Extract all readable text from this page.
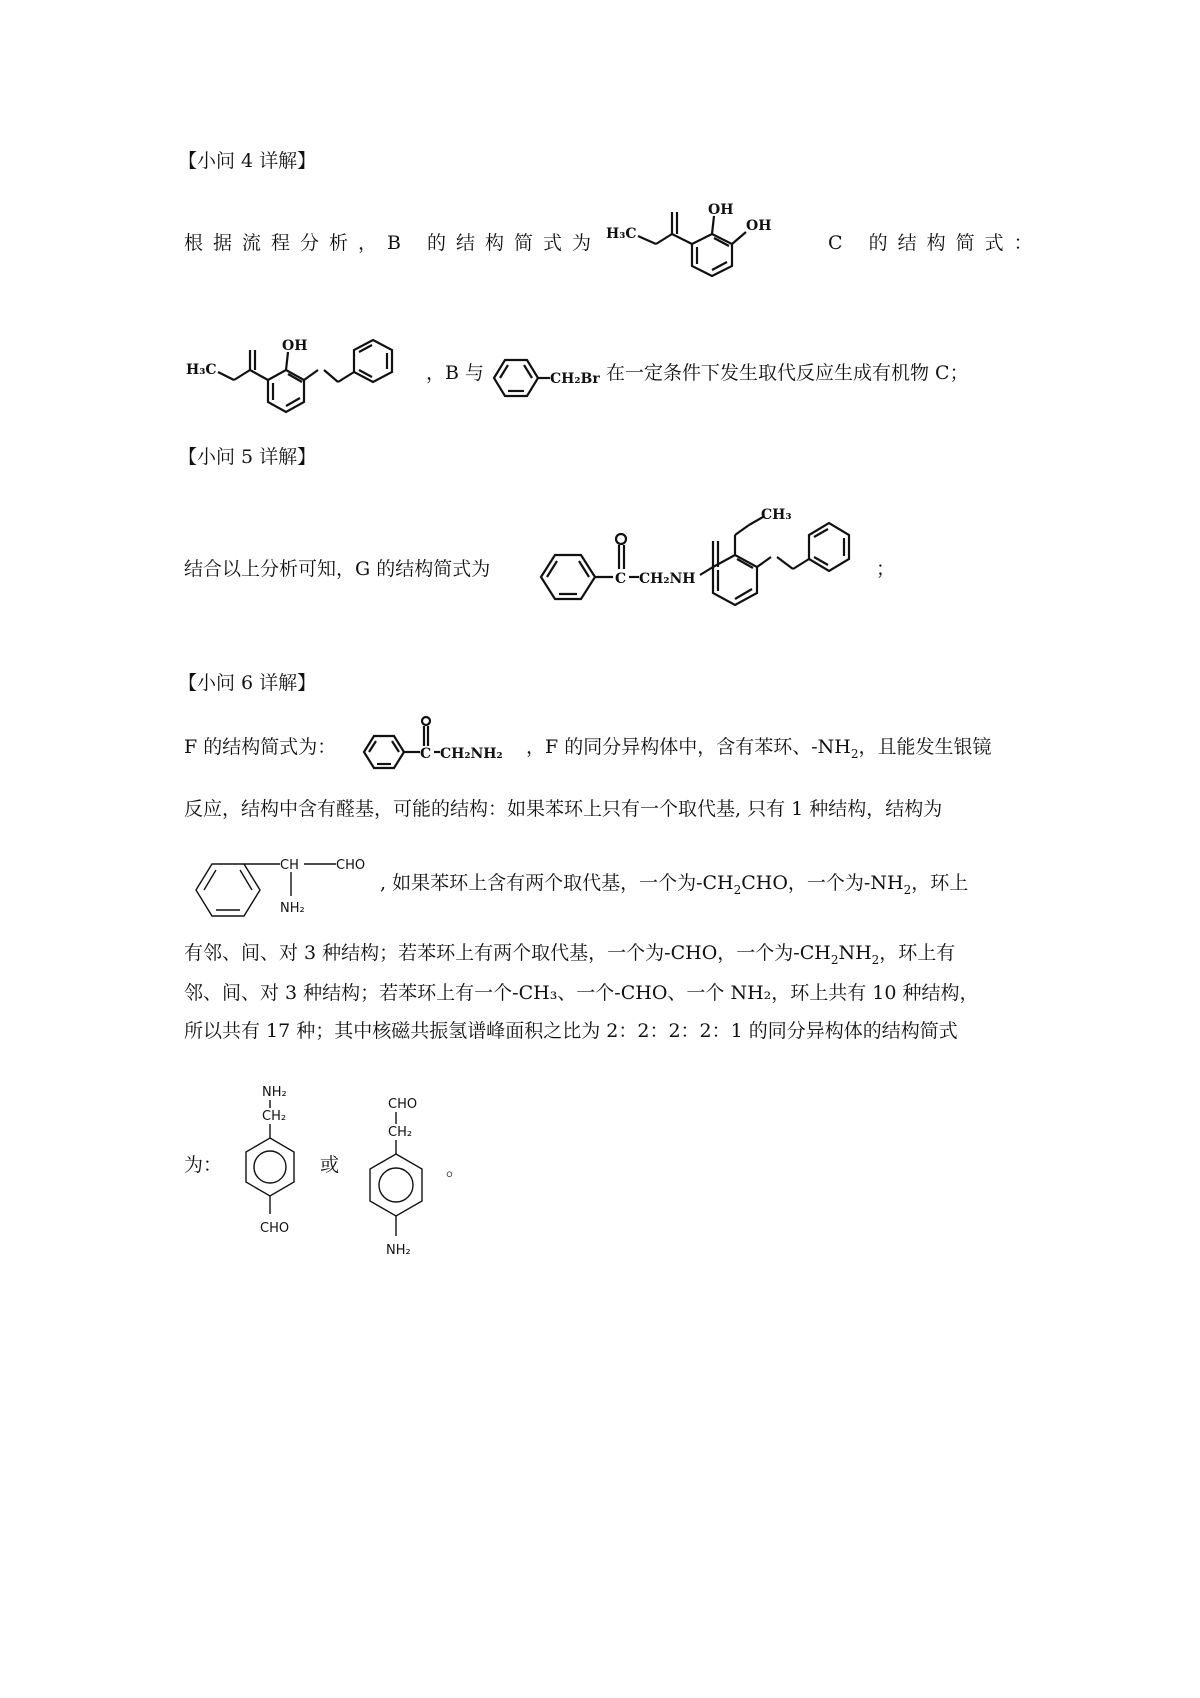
【小问 4 详解】
根据流程分析，B 的结构简式为 H₃C
OH
OH
C 的结构简式：
H₃C
OH
，B 与	CH₂Br 在一定条件下发生取代反应生成有机物 C；
【小问 5 详解】
结合以上分析可知，G 的结构简式为	C CH₂NH
CH₃
；
【小问 6 详解】
F 的结构简式为：	C CH₂NH₂ ，F 的同分异构体中，含有苯环、$-NH_2$，且能发生银镜
反应，结构中含有醛基，可能的结构：如果苯环上只有一个取代基, 只有 1 种结构，结构为
CH	CHO
NH₂
, 如果苯环上含有两个取代基，一个为$-CH_2CHO$，一个为$-NH_2$，环上
有邻、间、对 3 种结构；若苯环上有两个取代基，一个为-CHO，一个为$-CH_2NH_2$，环上有
邻、间、对 3 种结构；若苯环上有一个-CH₃、一个-CHO、一个 NH₂，环上共有 10 种结构，
所以共有 17 种；其中核磁共振氢谱峰面积之比为 2：2：2：2：1 的同分异构体的结构简式
为：
NH₂
CH₂
CHO
或
CHO
CH₂
NH₂
。
